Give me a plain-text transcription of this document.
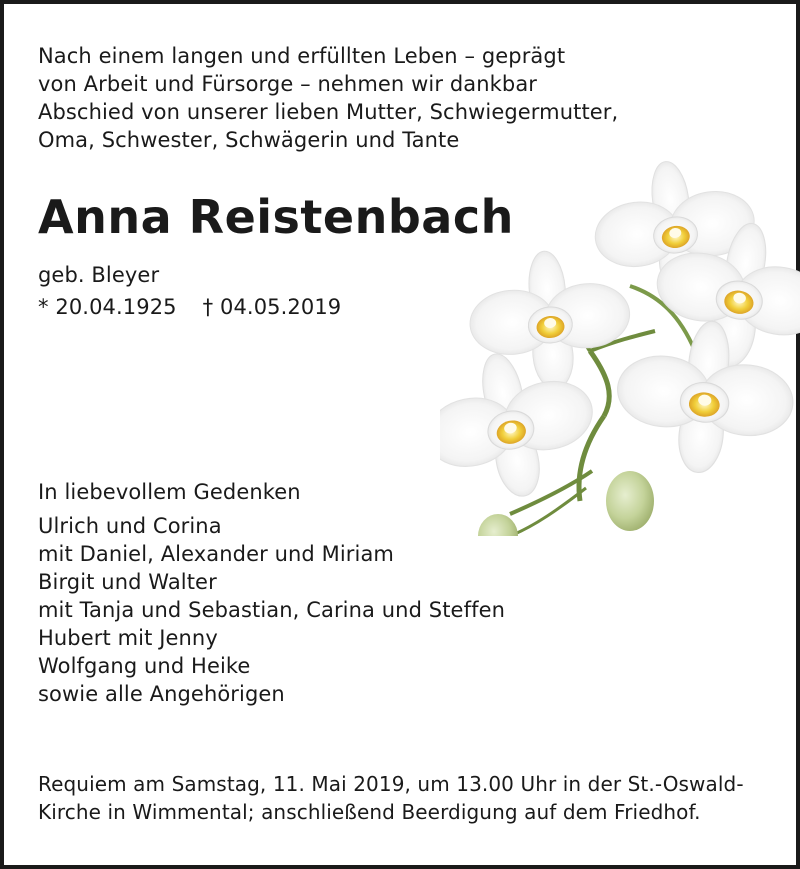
Nach einem langen und erfüllten Leben – geprägt
von Arbeit und Fürsorge – nehmen wir dankbar
Abschied von unserer lieben Mutter, Schwiegermutter,
Oma, Schwester, Schwägerin und Tante
Anna Reistenbach
geb. Bleyer
* 20.04.1925 † 04.05.2019
In liebevollem Gedenken
Ulrich und Corina
mit Daniel, Alexander und Miriam
Birgit und Walter
mit Tanja und Sebastian, Carina und Steffen
Hubert mit Jenny
Wolfgang und Heike
sowie alle Angehörigen
Requiem am Samstag, 11. Mai 2019, um 13.00 Uhr in der St.-Oswald-
Kirche in Wimmental; anschließend Beerdigung auf dem Friedhof.
